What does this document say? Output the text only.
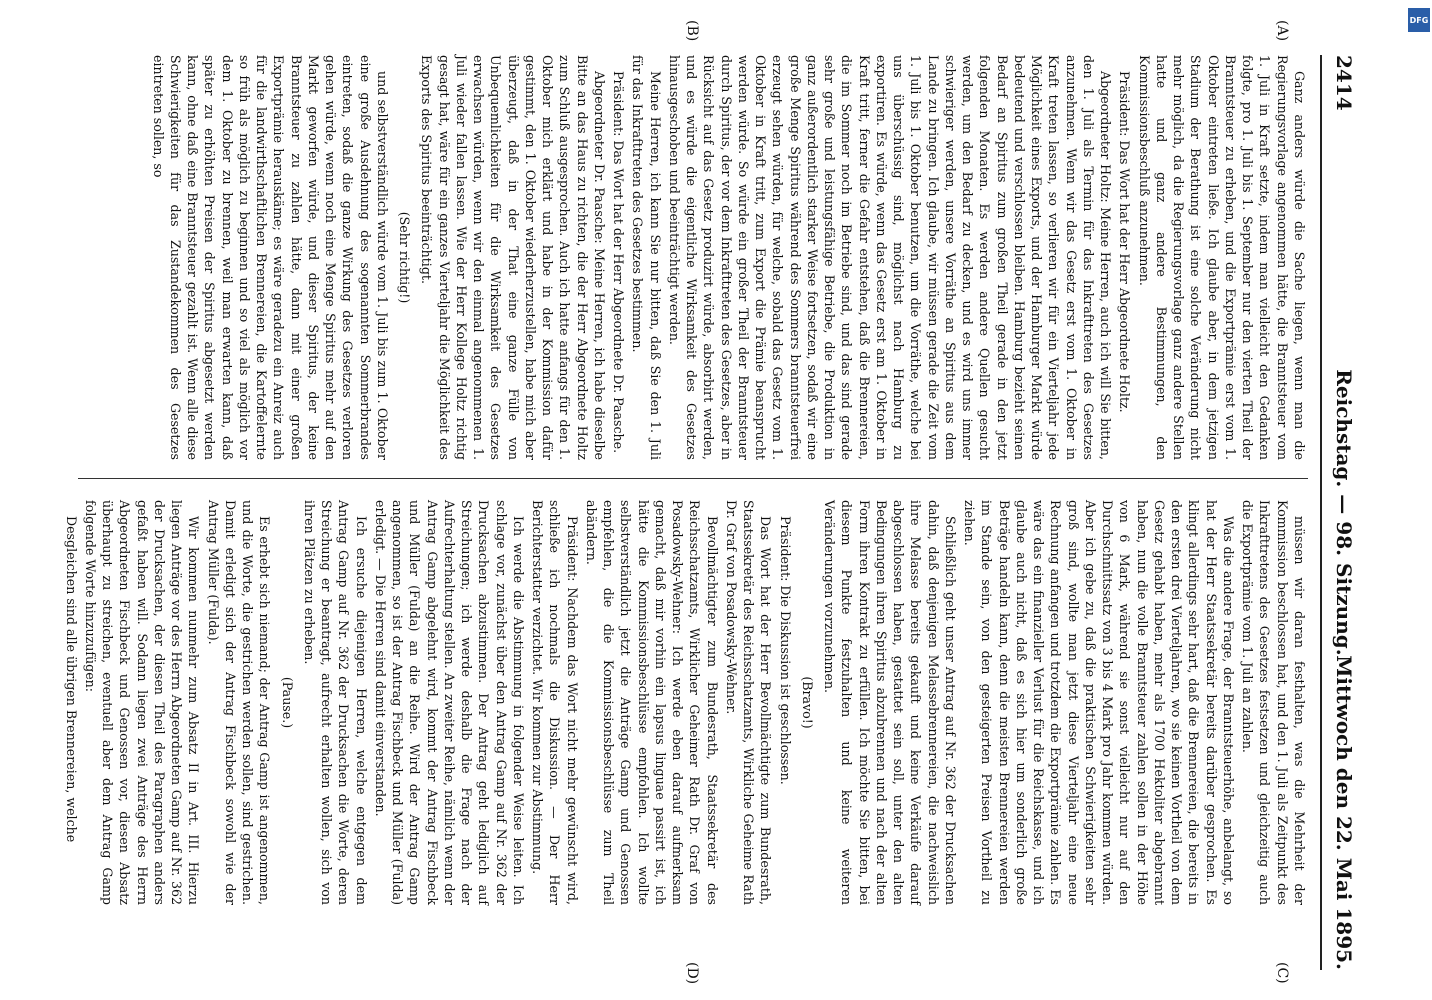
DFG
2414
Reichstag. — 98. Sitzung.
Mittwoch den 22. Mai 1895.
(A)
(B)
(C)
(D)

Ganz anders würde die Sache liegen, wenn man die Regierungsvorlage angenommen hätte, die Branntsteuer vom 1. Juli in Kraft setzte, indem man vielleicht den Gedanken folgte, pro 1. Juli bis 1. September nur den vierten Theil der Branntsteuer zu erheben, und die Exportprämie erst vom 1. Oktober eintreten ließe. Ich glaube aber, in dem jetzigen Stadium der Berathung ist eine solche Veränderung nicht mehr möglich, da die Regierungsvorlage ganz andere Stellen hatte und ganz andere Bestimmungen, den Kommissionsbeschluß anzunehmen.

Präsident: Das Wort hat der Herr Abgeordnete Holtz.

Abgeordneter Holtz: Meine Herren, auch ich will Sie bitten, den 1. Juli als Termin für das Inkrafttreten des Gesetzes anzunehmen. Wenn wir das Gesetz erst vom 1. Oktober in Kraft treten lassen, so verlieren wir für ein Vierteljahr jede Möglichkeit eines Exports, und der Hamburger Markt würde bedeutend und verschlossen bleiben. Hamburg bezieht seinen Bedarf an Spiritus zum großen Theil gerade in den jetzt folgenden Monaten. Es werden andere Quellen gesucht werden, um den Bedarf zu decken, und es wird uns immer schwieriger werden, unsere Vorräthe an Spiritus aus dem Lande zu bringen. Ich glaube, wir müssen gerade die Zeit vom 1. Juli bis 1. Oktober benutzen, um die Vorräthe, welche bei uns überschüssig sind, möglichst nach Hamburg zu exportiren. Es würde, wenn das Gesetz erst am 1. Oktober in Kraft tritt, ferner die Gefahr entstehen, daß die Brennereien, die im Sommer noch im Betriebe sind, und das sind gerade sehr große und leistungsfähige Betriebe, die Produktion in ganz außerordentlich starker Weise fortsetzen, sodaß wir eine große Menge Spiritus während des Sommers branntsteuerfrei erzeugt sehen würden, für welche, sobald das Gesetz vom 1. Oktober in Kraft tritt, zum Export die Prämie beansprucht werden würde. So würde ein großer Theil der Branntsteuer durch Spiritus, der vor dem Inkrafttreten des Gesetzes, aber in Rücksicht auf das Gesetz produzirt würde, absorbirt werden, und es würde die eigentliche Wirksamkeit des Gesetzes hinausgeschoben und beeinträchtigt werden.

Meine Herren, ich kann Sie nur bitten, daß Sie den 1. Juli für das Inkrafttreten des Gesetzes bestimmen.

Präsident: Das Wort hat der Herr Abgeordnete Dr. Paasche.

Abgeordneter Dr. Paasche: Meine Herren, ich habe dieselbe Bitte an das Haus zu richten, die der Herr Abgeordnete Holtz zum Schluß ausgesprochen. Auch ich hatte anfangs für den 1. Oktober mich erklärt und habe in der Kommission dafür gestimmt, den 1. Oktober wiederherzustellen, habe mich aber überzeugt, daß in der That eine ganze Fülle von Unbequemlichkeiten für die Wirksamkeit des Gesetzes erwachsen würden, wenn wir den einmal angenommenen 1. Juli wieder fallen lassen. Wie der Herr Kollege Holtz richtig gesagt hat, wäre für ein ganzes Vierteljahr die Möglichkeit des Exports des Spiritus beeinträchtigt.

(Sehr richtig!)

und selbstverständlich würde vom 1. Juli bis zum 1. Oktober eine große Ausdehnung des sogenannten Sommerbrandes eintreten, sodaß die ganze Wirkung des Gesetzes verloren gehen würde, wenn noch eine Menge Spiritus mehr auf den Markt geworfen würde, und dieser Spiritus, der keine Branntsteuer zu zahlen hätte, dann mit einer großen Exportprämie herauskäme; es wäre geradezu ein Anreiz auch für die landwirthschaftlichen Brennereien, die Kartoffelernte so früh als möglich zu beginnen und so viel als möglich vor dem 1. Oktober zu brennen, weil man erwarten kann, daß später zu erhöhten Preisen der Spiritus abgesetzt werden kann, ohne daß eine Branntsteuer gezahlt ist. Wenn alle diese Schwierigkeiten für das Zustandekommen des Gesetzes eintreten sollen, so

müssen wir daran festhalten, was die Mehrheit der Kommission beschlossen hat, und den 1. Juli als Zeitpunkt des Inkrafttretens des Gesetzes festsetzen und gleichzeitig auch die Exportprämie vom 1. Juli an zahlen.

Was die andere Frage, der Branntsteuerhöhe, anbelangt, so hat der Herr Staatssekretär bereits darüber gesprochen. Es klingt allerdings sehr hart, daß die Brennereien, die bereits in den ersten drei Vierteljahren, wo sie keinen Vortheil von dem Gesetz gehabt haben, mehr als 1700 Hektoliter abgebrannt haben, nun die volle Branntsteuer zahlen sollen in der Höhe von 6 Mark, während sie sonst vielleicht nur auf den Durchschnittssatz von 3 bis 4 Mark pro Jahr kommen würden. Aber ich gebe zu, daß die praktischen Schwierigkeiten sehr groß sind, wollte man jetzt diese Vierteljahr eine neue Rechnung anfangen und trotzdem die Exportprämie zahlen. Es wäre das ein finanzieller Verlust für die Reichskasse, und ich glaube auch nicht, daß es sich hier um sonderlich große Beträge handeln kann, denn die meisten Brennereien werden im Stande sein, von den gesteigerten Preisen Vortheil zu ziehen.

Schließlich geht unser Antrag auf Nr. 362 der Drucksachen dahin, daß denjenigen Melassebrennereien, die nachweislich ihre Melasse bereits gekauft und keine Verkäufe darauf abgeschlossen haben, gestattet sein soll, unter den alten Bedingungen ihren Spiritus abzubrennen und nach der alten Form ihren Kontrakt zu erfüllen. Ich möchte Sie bitten, bei diesem Punkte festzuhalten und keine weiteren Veränderungen vorzunehmen.

(Bravo!)

Präsident: Die Diskussion ist geschlossen.

Das Wort hat der Herr Bevollmächtigte zum Bundesrath, Staatssekretär des Reichsschatzamts, Wirkliche Geheime Rath Dr. Graf von Posadowsky-Wehner.

Bevollmächtigter zum Bundesrath, Staatssekretär des Reichsschatzamts, Wirklicher Geheimer Rath Dr. Graf von Posadowsky-Wehner: Ich werde eben darauf aufmerksam gemacht, daß mir vorhin ein lapsus linguae passirt ist, ich hätte die Kommissionsbeschlüsse empfohlen. Ich wollte selbstverständlich jetzt die Anträge Gamp und Genossen empfehlen, die die Kommissionsbeschlüsse zum Theil abändern.

Präsident: Nachdem das Wort nicht mehr gewünscht wird, schließe ich nochmals die Diskussion. — Der Herr Berichterstatter verzichtet. Wir kommen zur Abstimmung.

Ich werde die Abstimmung in folgender Weise leiten. Ich schlage vor, zunächst über den Antrag Gamp auf Nr. 362 der Drucksachen abzustimmen. Der Antrag geht lediglich auf Streichungen; ich werde deshalb die Frage nach der Aufrechterhaltung stellen. An zweiter Reihe, nämlich wenn der Antrag Gamp abgelehnt wird, kommt der Antrag Fischbeck und Müller (Fulda) an die Reihe. Wird der Antrag Gamp angenommen, so ist der Antrag Fischbeck und Müller (Fulda) erledigt. — Die Herren sind damit einverstanden.

Ich ersuche diejenigen Herren, welche entgegen dem Antrag Gamp auf Nr. 362 der Drucksachen die Worte, deren Streichung er beantragt, aufrecht erhalten wollen, sich von ihren Plätzen zu erheben.

(Pause.)

Es erhebt sich niemand; der Antrag Gamp ist angenommen, und die Worte, die gestrichen werden sollen, sind gestrichen. Damit erledigt sich der Antrag Fischbeck sowohl wie der Antrag Müller (Fulda).

Wir kommen nunmehr zum Absatz II in Art. III. Hierzu liegen Anträge vor des Herrn Abgeordneten Gamp auf Nr. 362 der Drucksachen, der diesen Theil des Paragraphen anders gefaßt haben will. Sodann liegen zwei Anträge des Herrn Abgeordneten Fischbeck und Genossen vor, diesen Absatz überhaupt zu streichen, eventuell aber dem Antrag Gamp folgende Worte hinzuzufügen:

Desgleichen sind alle übrigen Brennereien, welche
